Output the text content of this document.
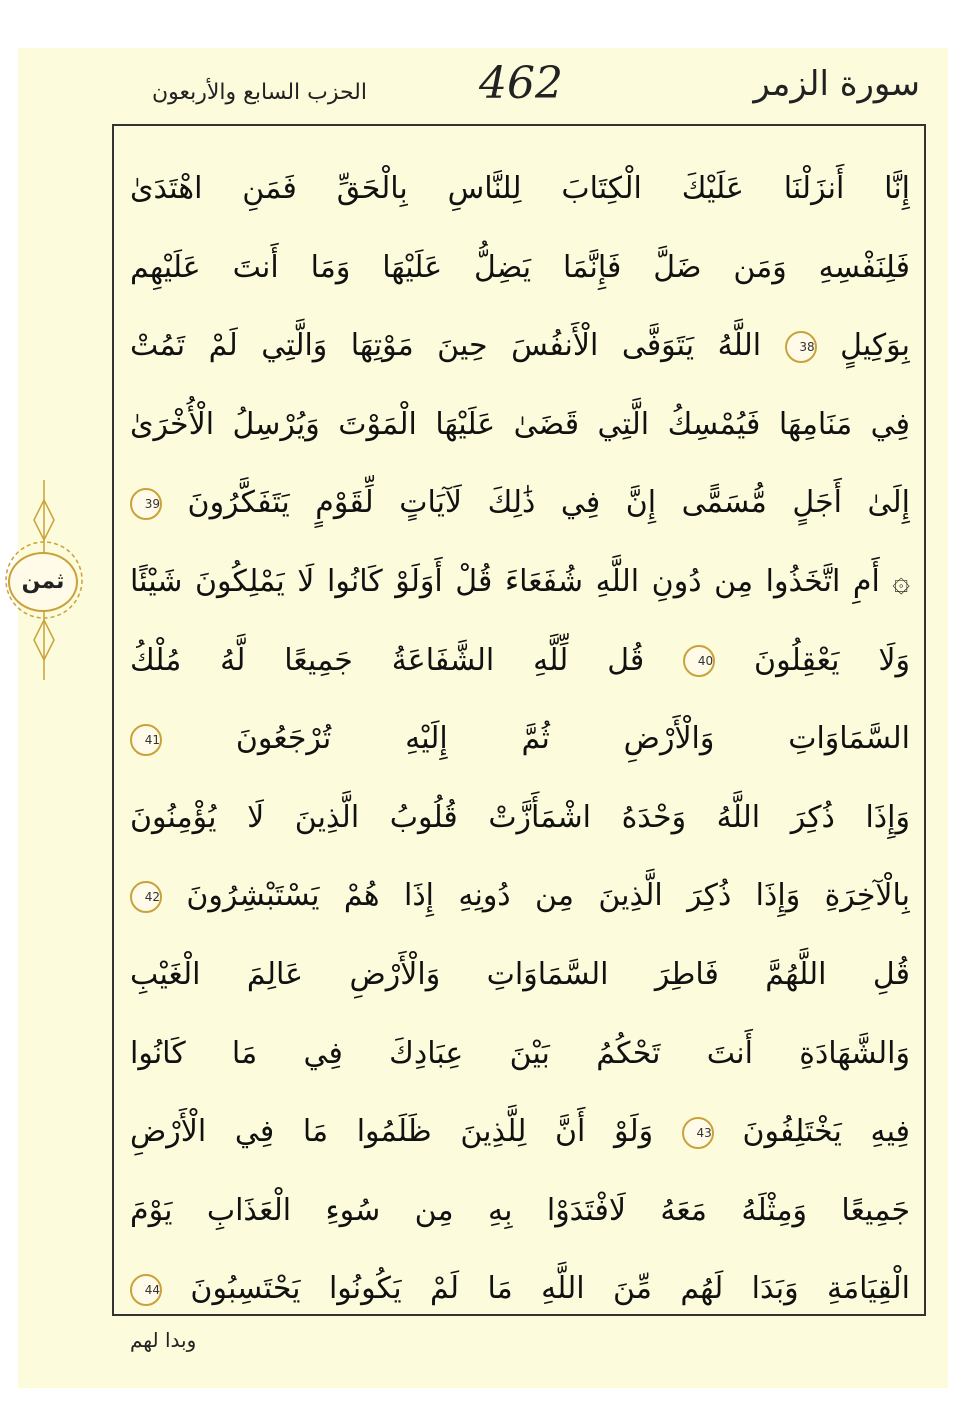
سورة الزمر
462
الحزب السابع والأربعون
إِنَّا أَنزَلْنَا عَلَيْكَ الْكِتَابَ لِلنَّاسِ بِالْحَقِّ فَمَنِ اهْتَدَىٰ
فَلِنَفْسِهِ وَمَن ضَلَّ فَإِنَّمَا يَضِلُّ عَلَيْهَا وَمَا أَنتَ عَلَيْهِم
بِوَكِيلٍ 38 اللَّهُ يَتَوَفَّى الْأَنفُسَ حِينَ مَوْتِهَا وَالَّتِي لَمْ تَمُتْ
فِي مَنَامِهَا فَيُمْسِكُ الَّتِي قَضَىٰ عَلَيْهَا الْمَوْتَ وَيُرْسِلُ الْأُخْرَىٰ
إِلَىٰ أَجَلٍ مُّسَمًّى إِنَّ فِي ذَٰلِكَ لَآيَاتٍ لِّقَوْمٍ يَتَفَكَّرُونَ 39
۞ أَمِ اتَّخَذُوا مِن دُونِ اللَّهِ شُفَعَاءَ قُلْ أَوَلَوْ كَانُوا لَا يَمْلِكُونَ شَيْئًا
وَلَا يَعْقِلُونَ 40 قُل لِّلَّهِ الشَّفَاعَةُ جَمِيعًا لَّهُ مُلْكُ
السَّمَاوَاتِ وَالْأَرْضِ ثُمَّ إِلَيْهِ تُرْجَعُونَ 41
وَإِذَا ذُكِرَ اللَّهُ وَحْدَهُ اشْمَأَزَّتْ قُلُوبُ الَّذِينَ لَا يُؤْمِنُونَ
بِالْآخِرَةِ وَإِذَا ذُكِرَ الَّذِينَ مِن دُونِهِ إِذَا هُمْ يَسْتَبْشِرُونَ 42
قُلِ اللَّهُمَّ فَاطِرَ السَّمَاوَاتِ وَالْأَرْضِ عَالِمَ الْغَيْبِ
وَالشَّهَادَةِ أَنتَ تَحْكُمُ بَيْنَ عِبَادِكَ فِي مَا كَانُوا
فِيهِ يَخْتَلِفُونَ 43 وَلَوْ أَنَّ لِلَّذِينَ ظَلَمُوا مَا فِي الْأَرْضِ
جَمِيعًا وَمِثْلَهُ مَعَهُ لَافْتَدَوْا بِهِ مِن سُوءِ الْعَذَابِ يَوْمَ
الْقِيَامَةِ وَبَدَا لَهُم مِّنَ اللَّهِ مَا لَمْ يَكُونُوا يَحْتَسِبُونَ 44
ثمن
وبدا لهم
